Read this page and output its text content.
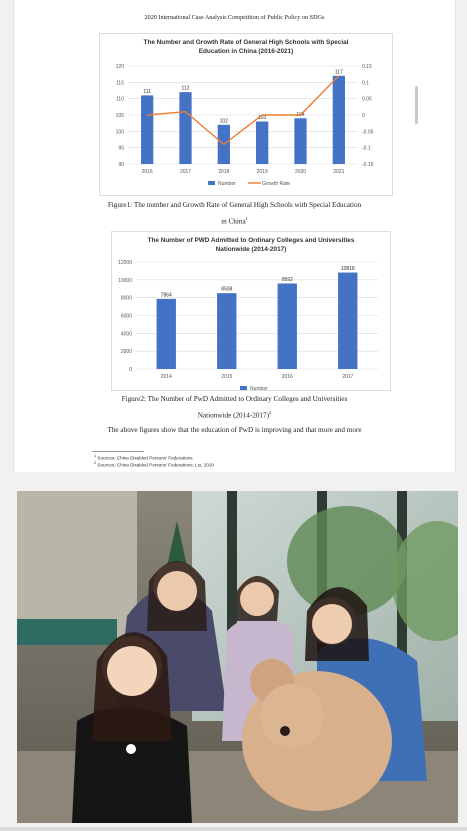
2020 International Case Analysis Competition of Public Policy on SDGs
The Number and Growth Rate of General High Schools with Special
Education in China (2016-2021)
90
95
100
105
110
115
120
-0.15
-0.1
-0.05
0
0.05
0.1
0.15
111
2016
112
2017
102
2018
103
2019
104
2020
117
2021
Number	Growth Rate
Figure1: The number and Growth Rate of General High Schools with Special Education
in China$^1$
The Number of PWD Admitted to Ordinary Colleges and Universities
Nationwide (2014-2017)
0
2000
4000
6000
8000
10000
12000
7864
2014
8508
2015
9592
2016
10818
2017
Number
Figure2: The Number of PwD Admitted to Ordinary Colleges and Universities
Nationwide (2014-2017)$^2$
The above figures show that the education of PwD is improving and that more and more
$^1$ Sources: China Disabled Persons' Federations
$^2$ Sources: China Disabled Persons' Federations; Liu, 2020
